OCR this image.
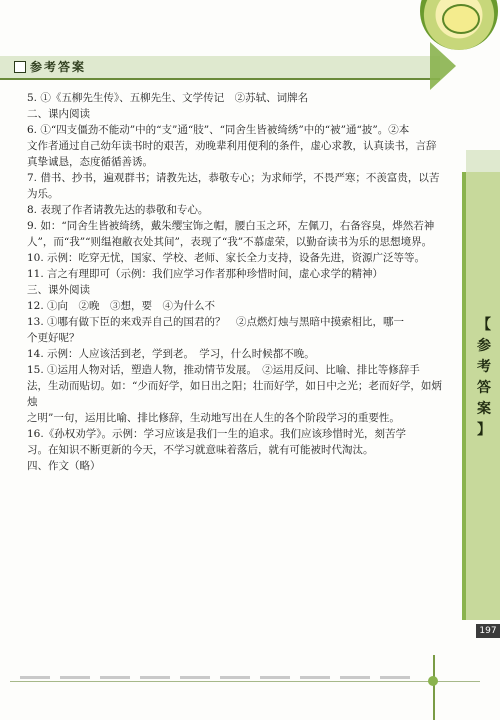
参考答案
【
参
考
答
案
】
197

5. ①《五柳先生传》、五柳先生、文学传记　②苏轼、词牌名

二、课内阅读

6. ①“四支僵劲不能动”中的“支”通“肢”、“同舍生皆被绮绣”中的“被”通“披”。②本

文作者通过自己幼年读书时的艰苦，劝晚辈利用便利的条件，虚心求教，认真读书，言辞

真挚诚恳，态度循循善诱。

7. 借书、抄书，遍观群书；请教先达，恭敬专心；为求师学，不畏严寒；不羡富贵，以苦

为乐。

8. 表现了作者请教先达的恭敬和专心。

9. 如：“同舍生皆被绮绣，戴朱缨宝饰之帽，腰白玉之环，左佩刀，右备容臭，烨然若神

人”，而“我”“则缊袍敝衣处其间”，表现了“我”不慕虚荣，以勤奋读书为乐的思想境界。

10. 示例：吃穿无忧，国家、学校、老师、家长全力支持，设备先进，资源广泛等等。

11. 言之有理即可（示例：我们应学习作者那种珍惜时间，虚心求学的精神）

三、课外阅读

12. ①向　②晚　③想，要　④为什么不

13. ①哪有做下臣的来戏弄自己的国君的？　②点燃灯烛与黑暗中摸索相比，哪一

个更好呢？

14. 示例：人应该活到老，学到老。　学习，什么时候都不晚。

15. ①运用人物对话，塑造人物，推动情节发展。　②运用反问、比喻、排比等修辞手

法，生动而贴切。如：“少而好学，如日出之阳；壮而好学，如日中之光；老而好学，如炳烛

之明”一句，运用比喻、排比修辞，生动地写出在人生的各个阶段学习的重要性。

16.《孙权劝学》。示例：学习应该是我们一生的追求。我们应该珍惜时光，刻苦学

习。在知识不断更新的今天，不学习就意味着落后，就有可能被时代淘汰。

四、作文（略）
